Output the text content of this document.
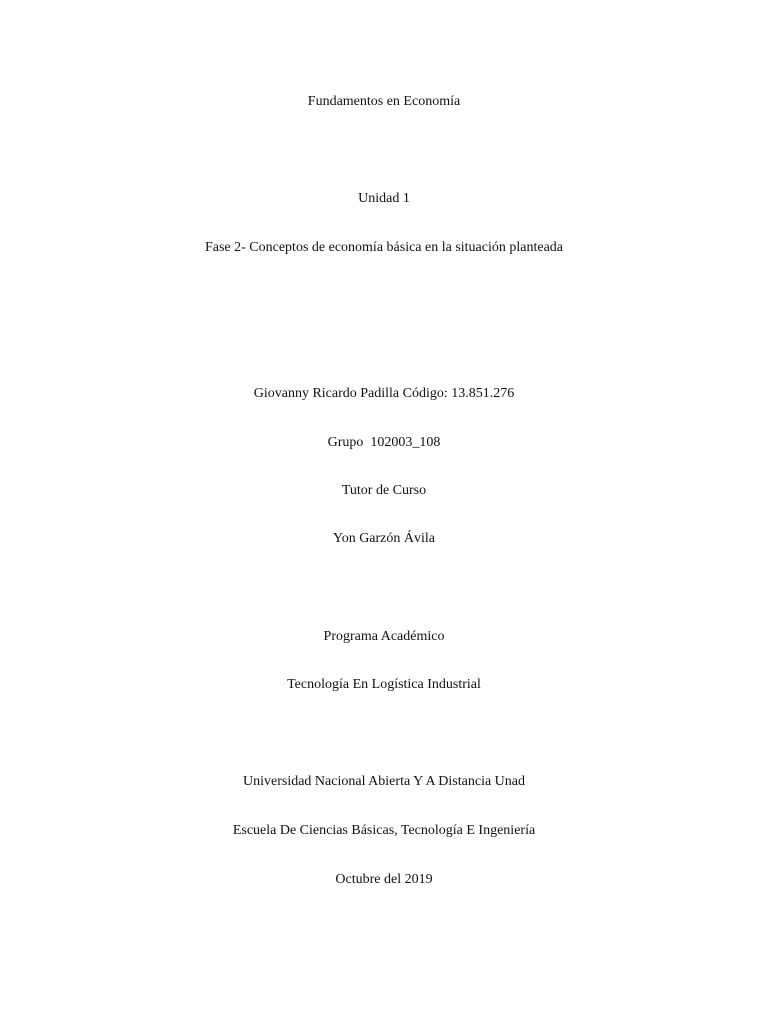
Fundamentos en Economía
Unidad 1
Fase 2- Conceptos de economía básica en la situación planteada
Giovanny Ricardo Padilla Código: 13.851.276
Grupo  102003_108
Tutor de Curso
Yon Garzón Ávila
Programa Académico
Tecnología En Logística Industrial
Universidad Nacional Abierta Y A Distancia Unad
Escuela De Ciencias Básicas, Tecnología E Ingeniería
Octubre del 2019
